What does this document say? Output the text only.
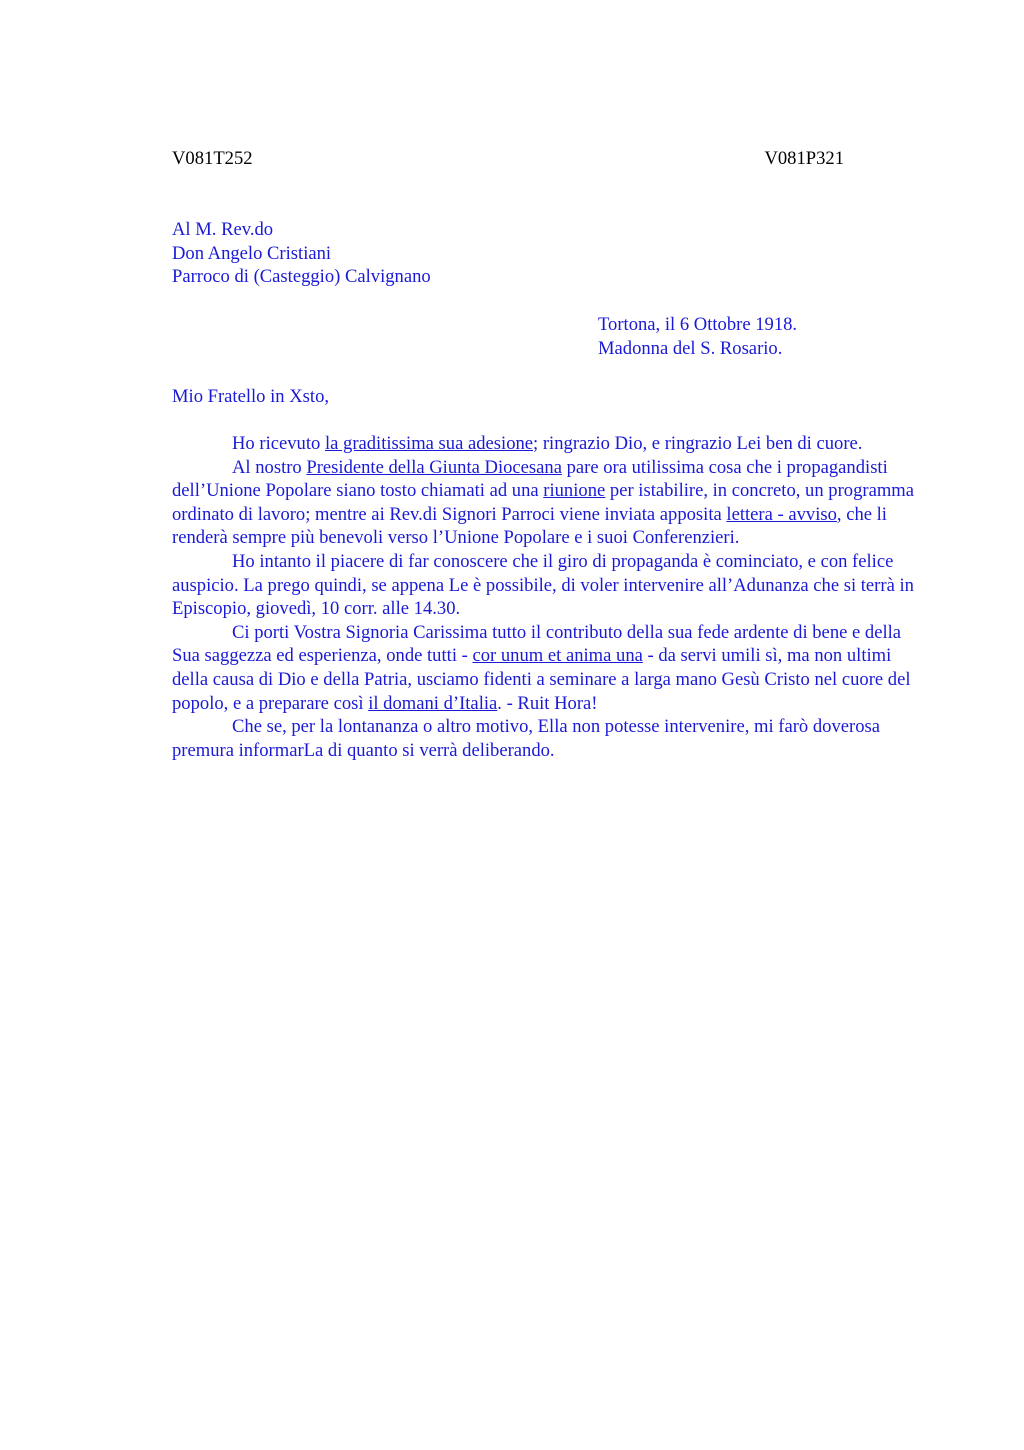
V081T252	V081P321
Al M. Rev.do
Don Angelo Cristiani
Parroco di (Casteggio) Calvignano
Tortona, il 6 Ottobre 1918.
Madonna del S. Rosario.
Mio Fratello in Xsto,

Ho ricevuto la graditissima sua adesione; ringrazio Dio, e ringrazio Lei ben di cuore.

Al nostro Presidente della Giunta Diocesana pare ora utilissima cosa che i propagandisti dell’Unione Popolare siano tosto chiamati ad una riunione per istabilire, in concreto, un programma ordinato di lavoro; mentre ai Rev.di Signori Parroci viene inviata apposita lettera - avviso, che li renderà sempre più benevoli verso l’Unione Popolare e i suoi Conferenzieri.

Ho intanto il piacere di far conoscere che il giro di propaganda è cominciato, e con felice auspicio. La prego quindi, se appena Le è possibile, di voler intervenire all’Adunanza che si terrà in Episcopio, giovedì, 10 corr. alle 14.30.

Ci porti Vostra Signoria Carissima tutto il contributo della sua fede ardente di bene e della Sua saggezza ed esperienza, onde tutti - cor unum et anima una - da servi umili sì, ma non ultimi della causa di Dio e della Patria, usciamo fidenti a seminare a larga mano Gesù Cristo nel cuore del popolo, e a preparare così il domani d’Italia. - Ruit Hora!

Che se, per la lontananza o altro motivo, Ella non potesse intervenire, mi farò doverosa premura informarLa di quanto si verrà deliberando.
